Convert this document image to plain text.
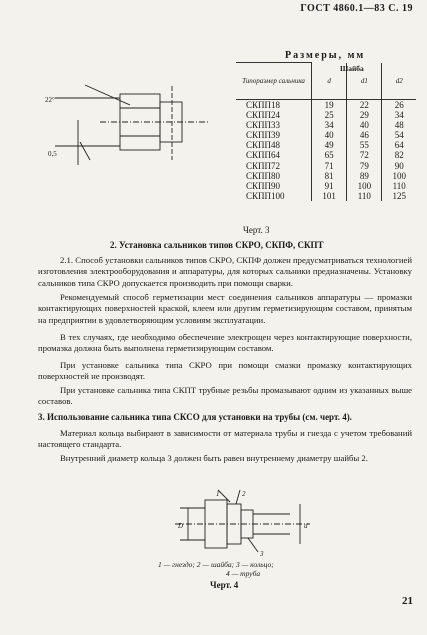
ГОСТ 4860.1—83 С. 19
22°
0,5
Размеры, мм
Типоразмер сальника	d	d1	d2
СКПП18	19	22	26
СКПП24	25	29	34
СКПП33	34	40	48
СКПП39	40	46	54
СКПП48	49	55	64
СКПП64	65	72	82
СКПП72	71	79	90
СКПП80	81	89	100
СКПП90	91	100	110
СКПП100	101	110	125
Шайба
Черт. 3
2. Установка сальников типов СКРО, СКПФ, СКПТ
2.1. Способ установки сальников типов СКРО, СКПФ должен предусматриваться технологией изготовления электрооборудования и аппаратуры, для которых сальники предназначены. Установку сальников типа СКРО допускается производить при помощи сварки.
Рекомендуемый способ герметизации мест соединения сальников аппаратуры — промазки контактирующих поверхностей краской, клеем или другим герметизирующим составом, принятым на предприятии в удовлетворяющим условиям эксплуатации.
В тех случаях, где необходимо обеспечение электрощен через контактирующие поверхности, промазка должна быть выполнена герметизирующим составом.
При установке сальника типа СКРО при помощи смазки промазку контактирующих поверхностей не производят.
При установке сальника типа СКПТ трубные резьбы промазывают одним из указанных выше составов.
3. Использование сальника типа СКСО для установки на трубы (см. черт. 4).
Материал кольца выбирают в зависимости от материала трубы и гнезда с учетом требований настоящего стандарта.
Внутренний диаметр кольца 3 должен быть равен внутреннему диаметру шайбы 2.
D	d
1	2
3
1 — гнездо; 2 — шайба; 3 — кольцо;
4 — труба
Черт. 4
21
